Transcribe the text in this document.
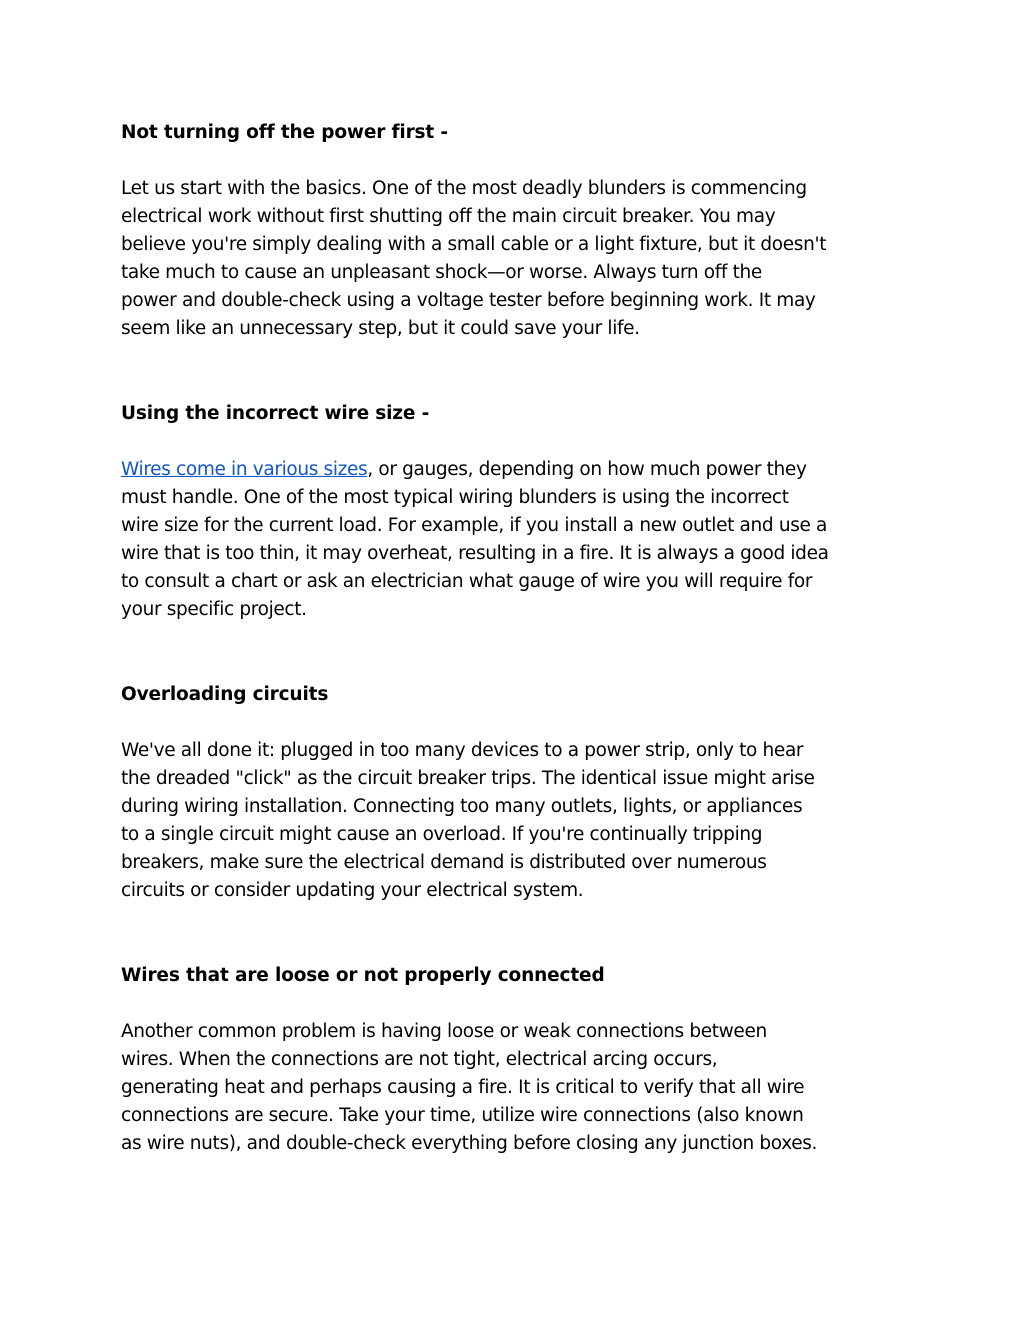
Not turning off the power first -
Let us start with the basics. One of the most deadly blunders is commencing
electrical work without first shutting off the main circuit breaker. You may
believe you're simply dealing with a small cable or a light fixture, but it doesn't
take much to cause an unpleasant shock—or worse. Always turn off the
power and double-check using a voltage tester before beginning work. It may
seem like an unnecessary step, but it could save your life.
Using the incorrect wire size -
Wires come in various sizes, or gauges, depending on how much power they
must handle. One of the most typical wiring blunders is using the incorrect
wire size for the current load. For example, if you install a new outlet and use a
wire that is too thin, it may overheat, resulting in a fire. It is always a good idea
to consult a chart or ask an electrician what gauge of wire you will require for
your specific project.
Overloading circuits
We've all done it: plugged in too many devices to a power strip, only to hear
the dreaded "click" as the circuit breaker trips. The identical issue might arise
during wiring installation. Connecting too many outlets, lights, or appliances
to a single circuit might cause an overload. If you're continually tripping
breakers, make sure the electrical demand is distributed over numerous
circuits or consider updating your electrical system.
Wires that are loose or not properly connected
Another common problem is having loose or weak connections between
wires. When the connections are not tight, electrical arcing occurs,
generating heat and perhaps causing a fire. It is critical to verify that all wire
connections are secure. Take your time, utilize wire connections (also known
as wire nuts), and double-check everything before closing any junction boxes.
